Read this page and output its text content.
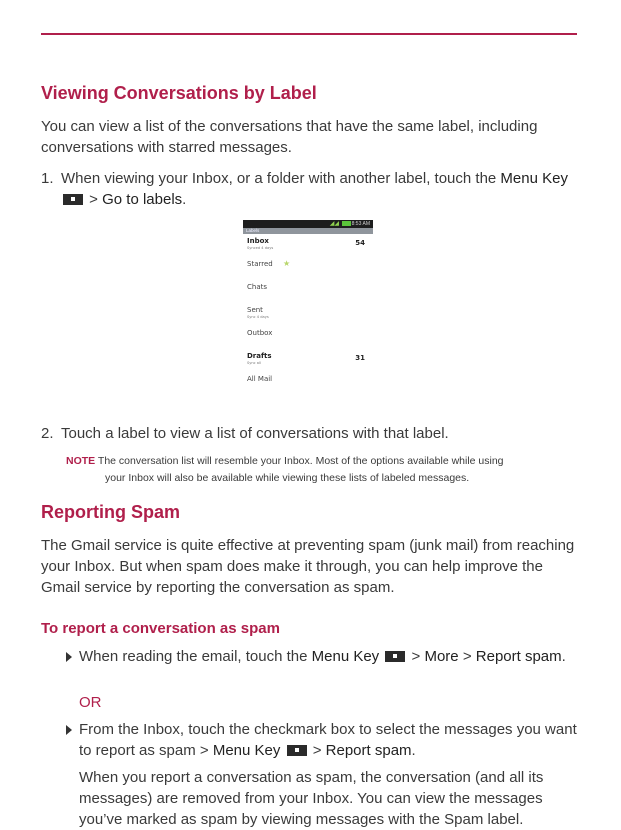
Viewing Conversations by Label

You can view a list of the conversations that have the same label, including conversations with starred messages.

1. When viewing your Inbox, or a folder with another label, touch the Menu Key  > Go to labels.
◢◢	8:53 AM
Labels
Inbox
Synced 4 days
54
Starred ★
Chats
Sent
Sync 4 days
Outbox
Drafts
Sync all
31
All Mail
2. Touch a label to view a list of conversations with that label.
NOTE The conversation list will resemble your Inbox. Most of the options available while using
your Inbox will also be available while viewing these lists of labeled messages.
Reporting Spam

The Gmail service is quite effective at preventing spam (junk mail) from reaching your Inbox. But when spam does make it through, you can help improve the Gmail service by reporting the conversation as spam.

To report a conversation as spam
When reading the email, touch the Menu Key  > More > Report spam.
OR
From the Inbox, touch the checkmark box to select the messages you want to report as spam > Menu Key  > Report spam.
When you report a conversation as spam, the conversation (and all its messages) are removed from your Inbox. You can view the messages you’ve marked as spam by viewing messages with the Spam label.
